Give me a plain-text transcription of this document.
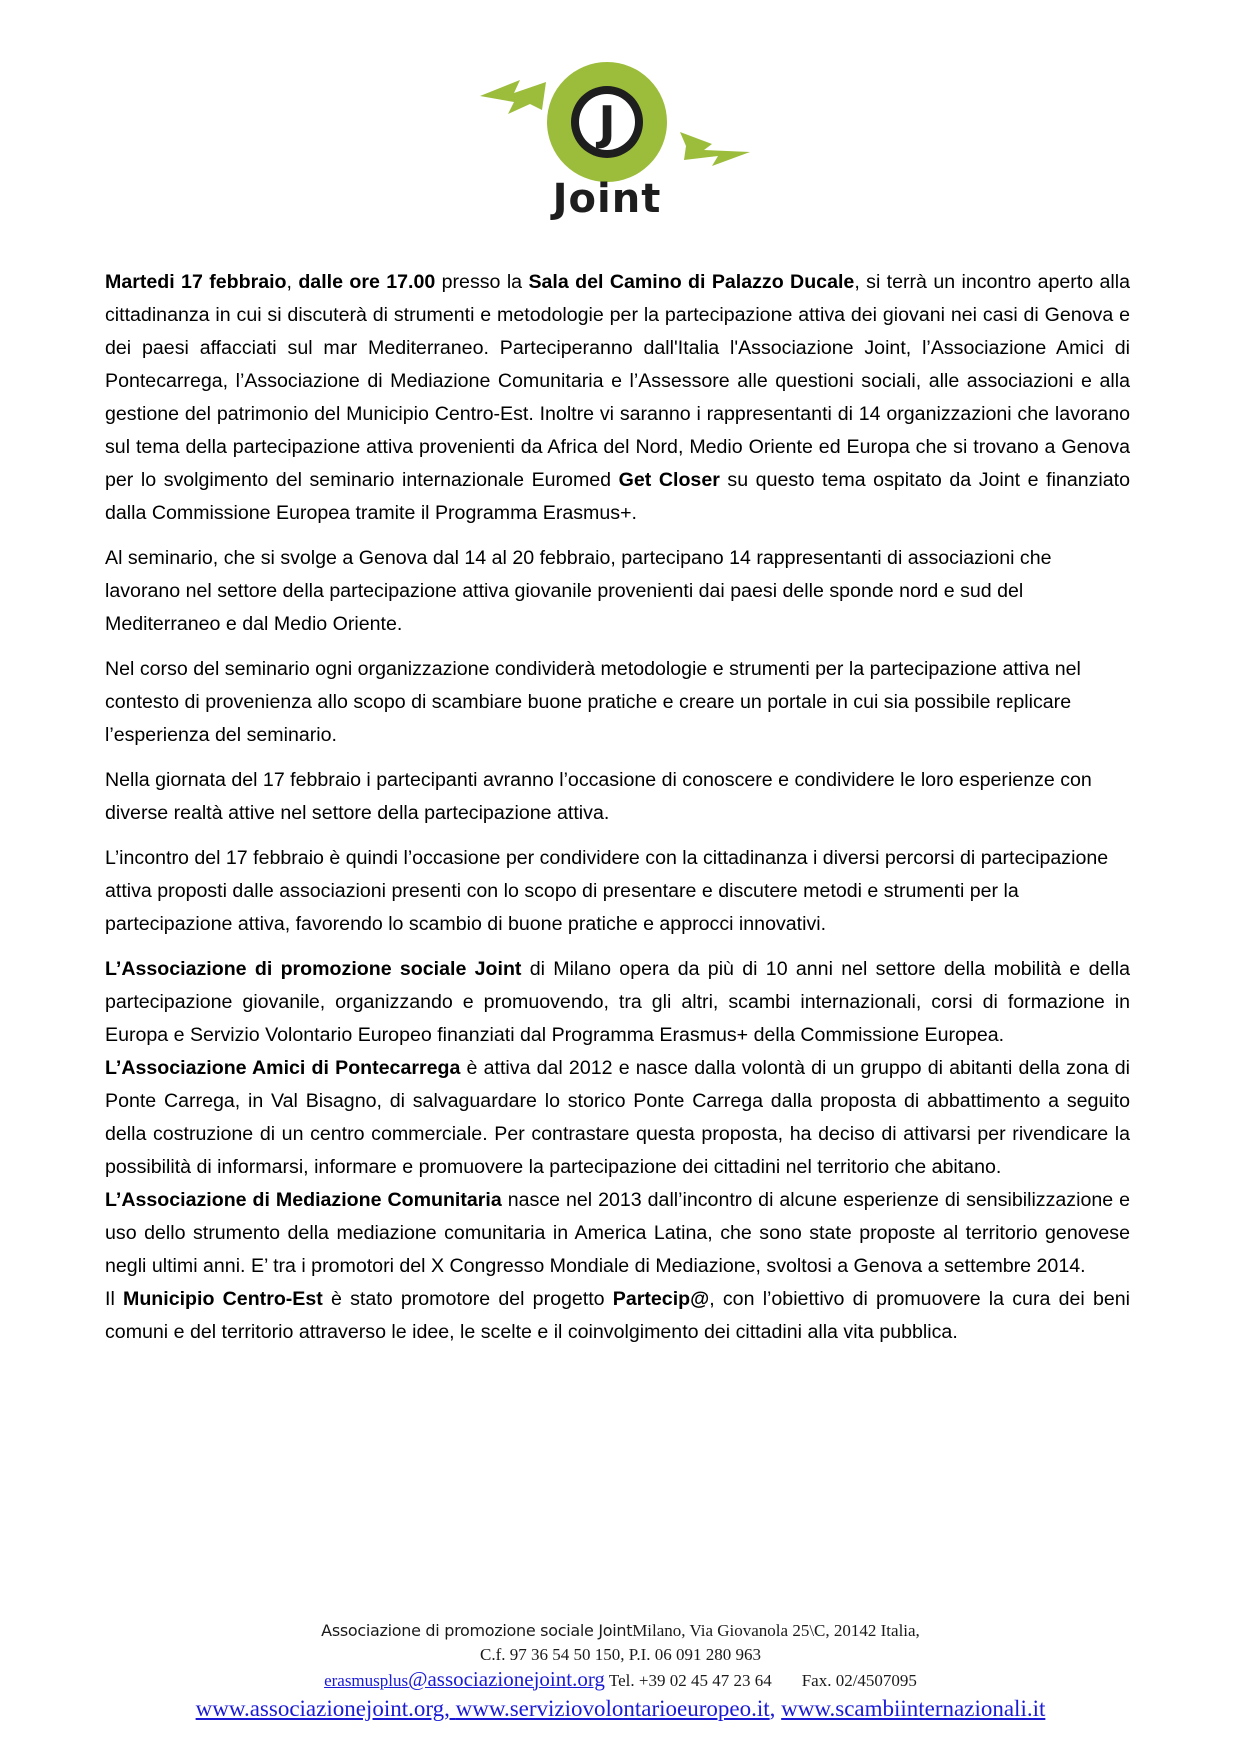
J
Joint

Martedi 17 febbraio, dalle ore 17.00 presso la Sala del Camino di Palazzo Ducale, si terrà un incontro aperto alla cittadinanza in cui si discuterà di strumenti e metodologie per la partecipazione attiva dei giovani nei casi di Genova e dei paesi affacciati sul mar Mediterraneo. Parteciperanno dall'Italia l'Associazione Joint, l’Associazione Amici di Pontecarrega, l’Associazione di Mediazione Comunitaria e l’Assessore alle questioni sociali, alle associazioni e alla gestione del patrimonio del Municipio Centro-Est. Inoltre vi saranno i rappresentanti di 14 organizzazioni che lavorano sul tema della partecipazione attiva provenienti da Africa del Nord, Medio Oriente ed Europa che si trovano a Genova per lo svolgimento del seminario internazionale Euromed Get Closer su questo tema ospitato da Joint e finanziato dalla Commissione Europea tramite il Programma Erasmus+.

Al seminario, che si svolge a Genova dal 14 al 20 febbraio, partecipano 14 rappresentanti di associazioni che lavorano nel settore della partecipazione attiva giovanile provenienti dai paesi delle sponde nord e sud del Mediterraneo e dal Medio Oriente.

Nel corso del seminario ogni organizzazione condividerà metodologie e strumenti per la partecipazione attiva nel contesto di provenienza allo scopo di scambiare buone pratiche e creare un portale in cui sia possibile replicare l’esperienza del seminario.

Nella giornata del 17 febbraio i partecipanti avranno l’occasione di conoscere e condividere le loro esperienze con diverse realtà attive nel settore della partecipazione attiva.

L’incontro del 17 febbraio è quindi l’occasione per condividere con la cittadinanza i diversi percorsi di partecipazione attiva proposti dalle associazioni presenti con lo scopo di presentare e discutere metodi e strumenti per la partecipazione attiva, favorendo lo scambio di buone pratiche e approcci innovativi.

L’Associazione di promozione sociale Joint di Milano opera da più di 10 anni nel settore della mobilità e della partecipazione giovanile, organizzando e promuovendo, tra gli altri, scambi internazionali, corsi di formazione in Europa e Servizio Volontario Europeo finanziati dal Programma Erasmus+ della Commissione Europea.

L’Associazione Amici di Pontecarrega è attiva dal 2012 e nasce dalla volontà di un gruppo di abitanti della zona di Ponte Carrega, in Val Bisagno, di salvaguardare lo storico Ponte Carrega dalla proposta di abbattimento a seguito della costruzione di un centro commerciale. Per contrastare questa proposta, ha deciso di attivarsi per rivendicare la possibilità di informarsi, informare e promuovere la partecipazione dei cittadini nel territorio che abitano.

L’Associazione di Mediazione Comunitaria nasce nel 2013 dall’incontro di alcune esperienze di sensibilizzazione e uso dello strumento della mediazione comunitaria in America Latina, che sono state proposte al territorio genovese negli ultimi anni. E’ tra i promotori del X Congresso Mondiale di Mediazione, svoltosi a Genova a settembre 2014.

Il Municipio Centro-Est è stato promotore del progetto Partecip@, con l’obiettivo di promuovere la cura dei beni comuni e del territorio attraverso le idee, le scelte e il coinvolgimento dei cittadini alla vita pubblica.

Associazione di promozione sociale JointMilano, Via Giovanola 25\C, 20142 Italia,
C.f. 97 36 54 50 150, P.I. 06 091 280 963
erasmusplus@associazionejoint.org Tel. +39 02 45 47 23 64 Fax. 02/4507095
www.associazionejoint.org, www.serviziovolontarioeuropeo.it, www.scambiinternazionali.it
